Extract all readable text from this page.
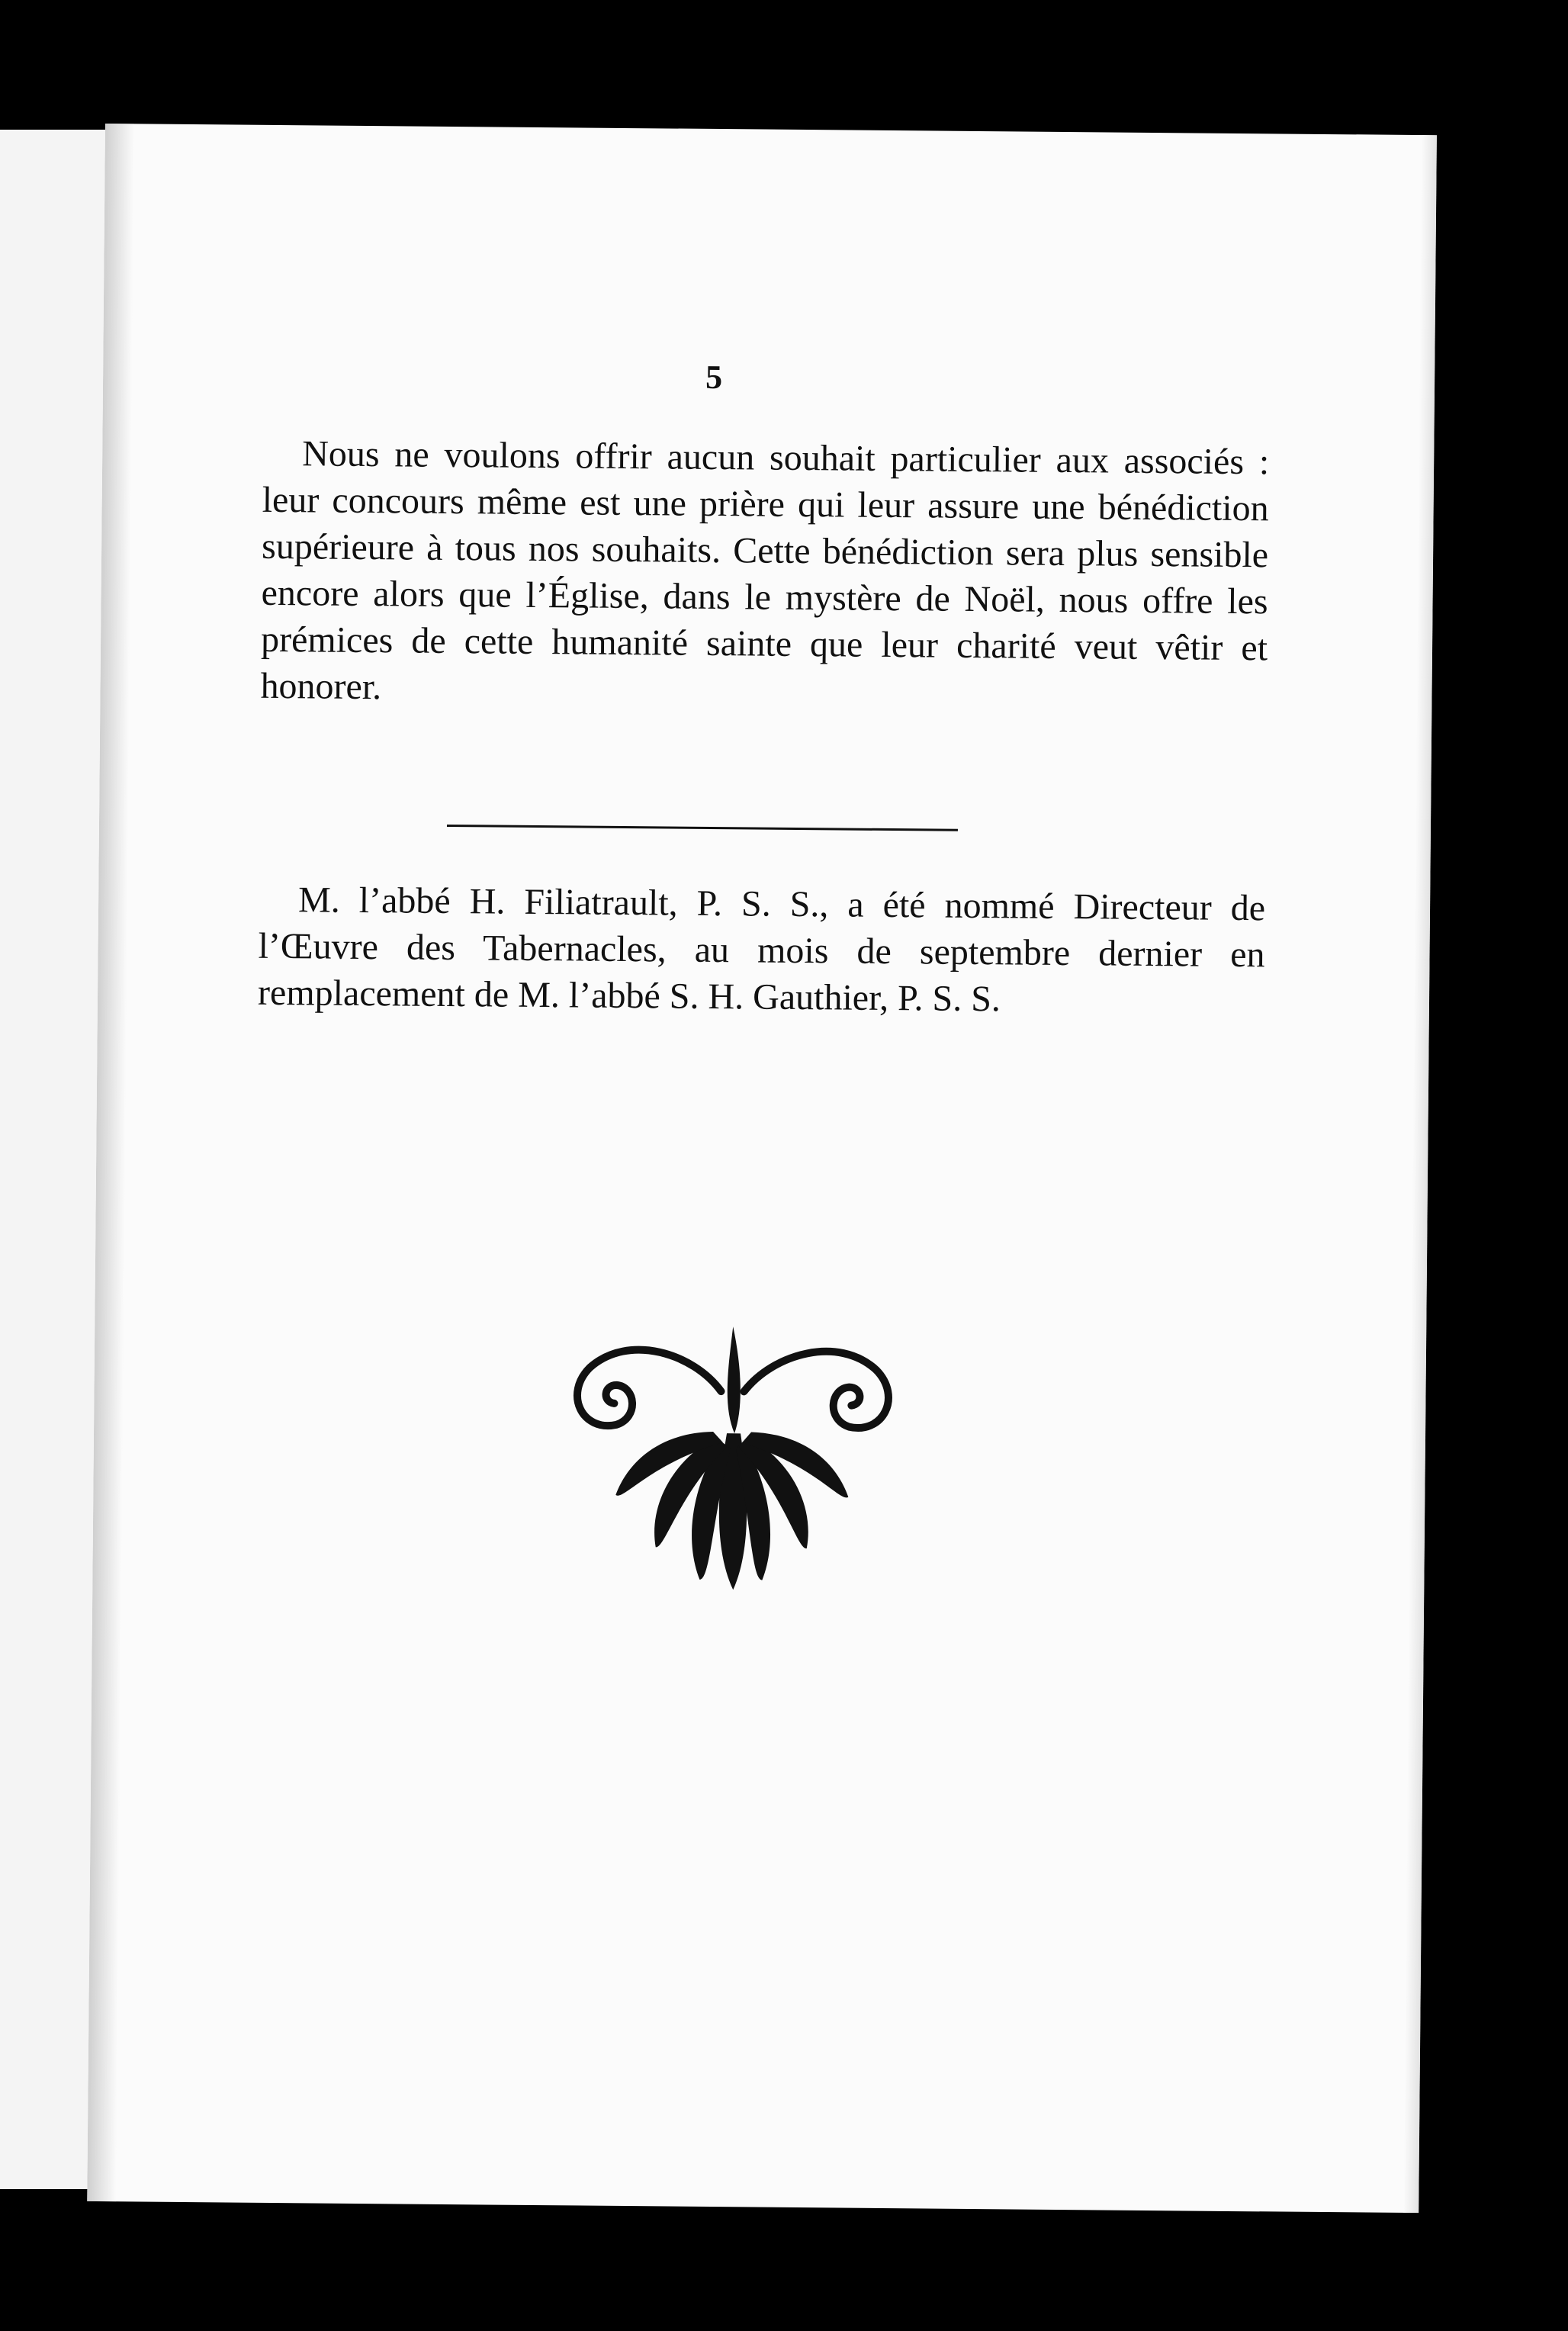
5

Nous ne voulons offrir aucun souhait particulier aux associés : leur concours même est une prière qui leur assure une bénédiction supérieure à tous nos souhaits. Cette bénédiction sera plus sensible encore alors que l’Église, dans le mystère de Noël, nous offre les prémices de cette humanité sainte que leur charité veut vêtir et honorer.

M. l’abbé H. Filiatrault, P. S. S., a été nommé Directeur de l’Œuvre des Tabernacles, au mois de septembre dernier en remplacement de M. l’abbé S. H. Gauthier, P. S. S.
